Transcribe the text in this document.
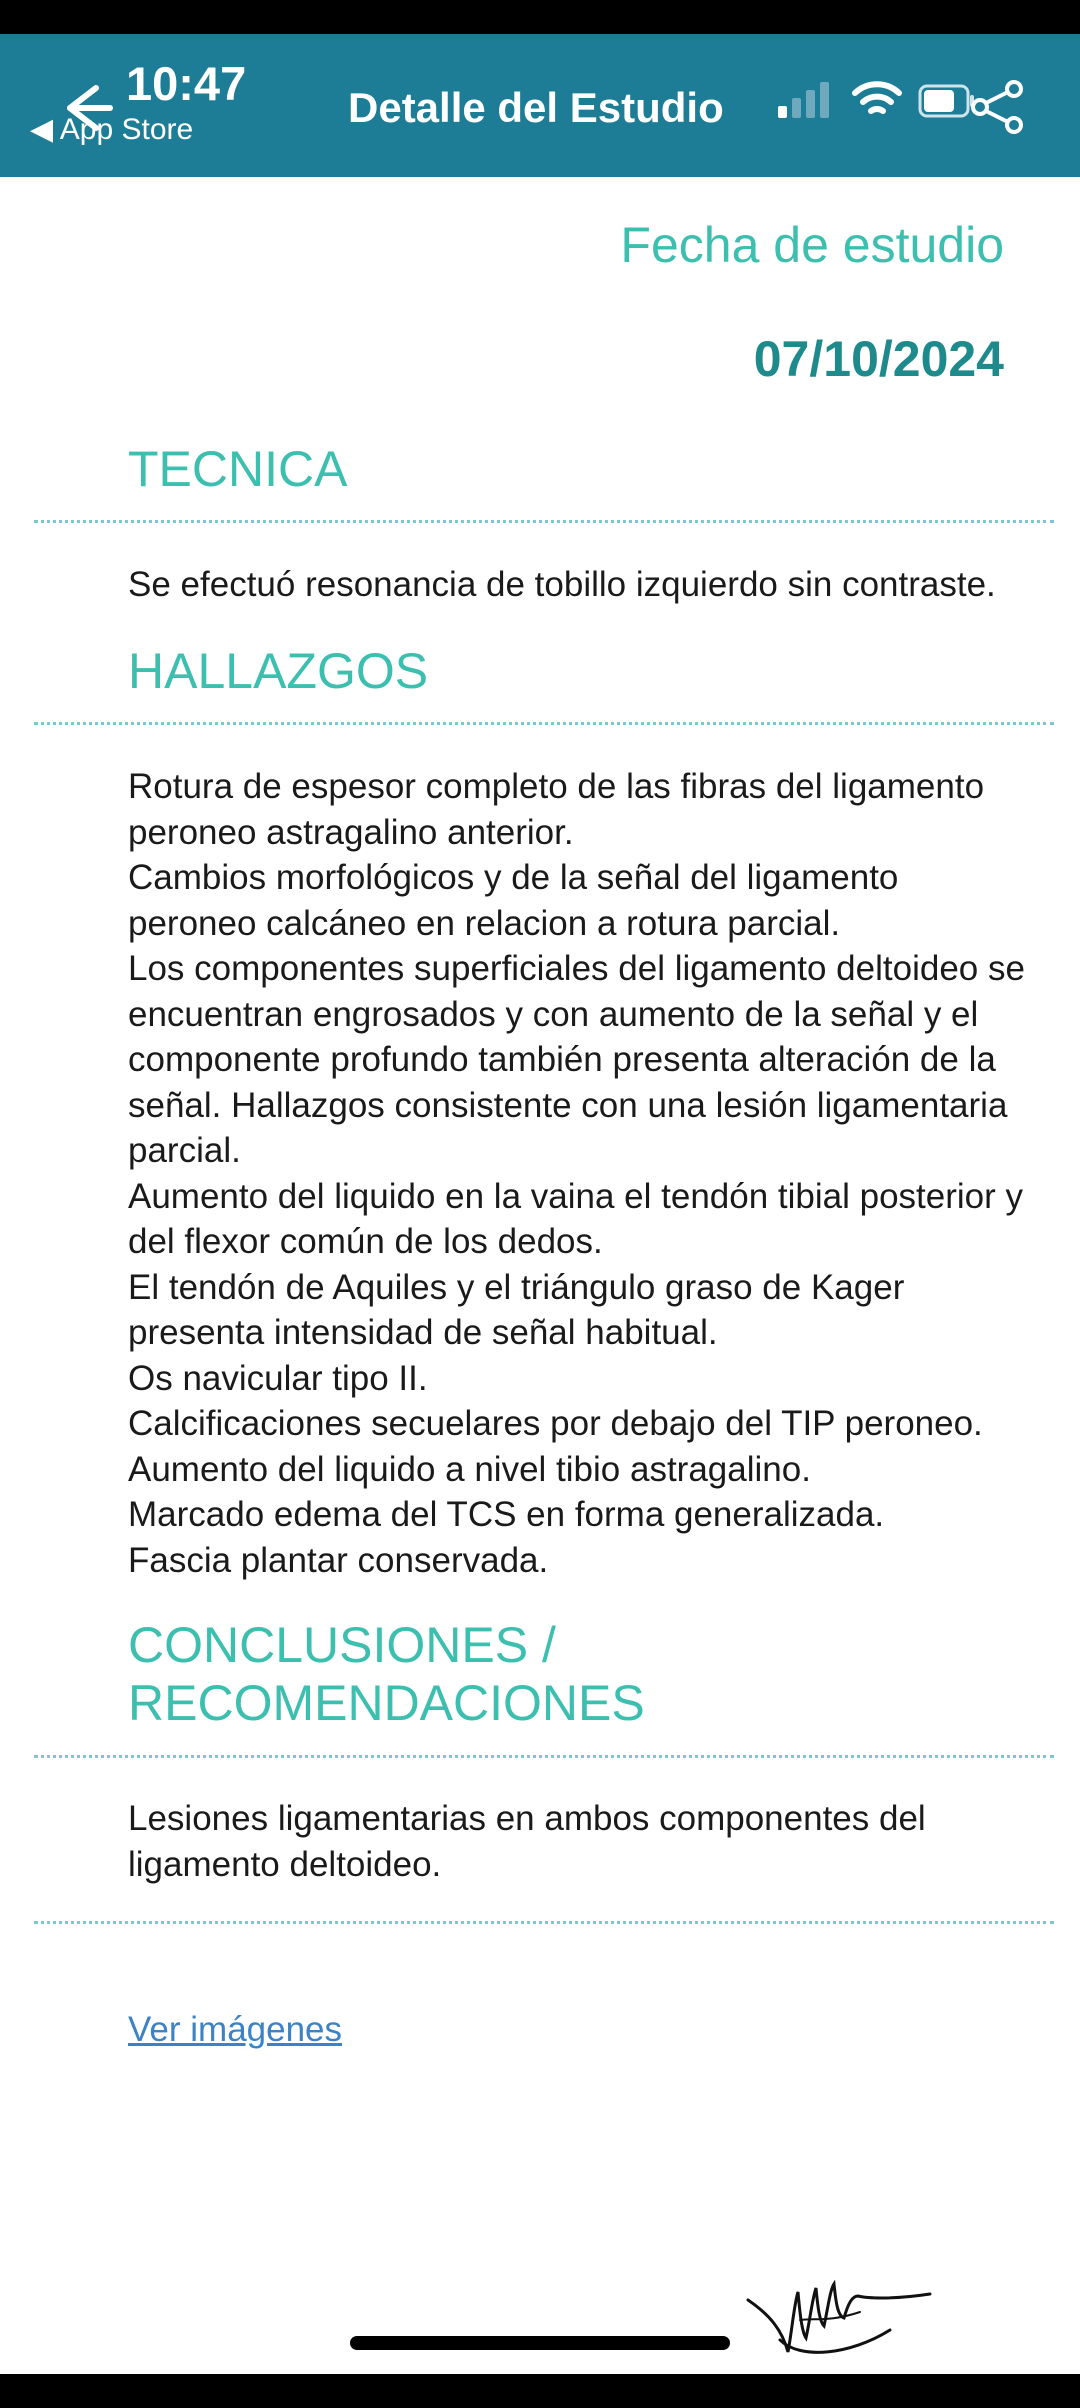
10:47
◀ App Store	Detalle del Estudio
Fecha de estudio
07/10/2024
TECNICA
Se efectuó resonancia de tobillo izquierdo sin contraste.
HALLAZGOS
Rotura de espesor completo de las fibras del ligamento
peroneo astragalino anterior.
Cambios morfológicos y de la señal del ligamento
peroneo calcáneo en relacion a rotura parcial.
Los componentes superficiales del ligamento deltoideo se
encuentran engrosados y con aumento de la señal y el
componente profundo también presenta alteración de la
señal. Hallazgos consistente con una lesión ligamentaria
parcial.
Aumento del liquido en la vaina el tendón tibial posterior y
del flexor común de los dedos.
El tendón de Aquiles y el triángulo graso de Kager
presenta intensidad de señal habitual.
Os navicular tipo II.
Calcificaciones secuelares por debajo del TIP peroneo.
Aumento del liquido a nivel tibio astragalino.
Marcado edema del TCS en forma generalizada.
Fascia plantar conservada.
CONCLUSIONES /
RECOMENDACIONES
Lesiones ligamentarias en ambos componentes del
ligamento deltoideo.
Ver imágenes
